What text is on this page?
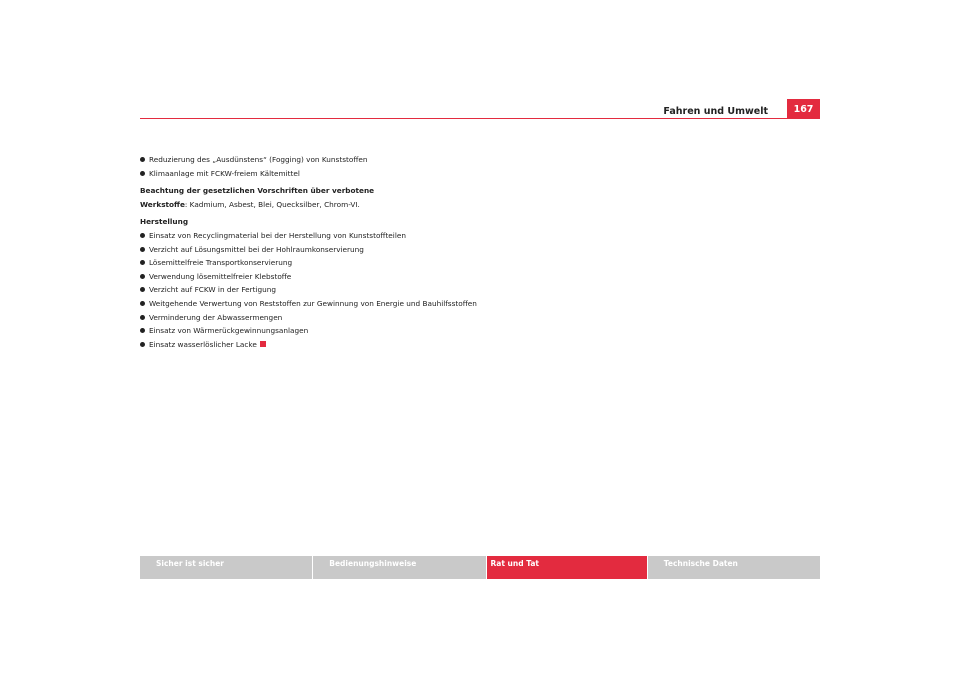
Fahren und Umwelt	167
Reduzierung des „Ausdünstens“ (Fogging) von Kunststoffen
Klimaanlage mit FCKW-freiem Kältemittel
Beachtung der gesetzlichen Vorschriften über verbotene
Werkstoffe: Kadmium, Asbest, Blei, Quecksilber, Chrom-VI.
Herstellung
Einsatz von Recyclingmaterial bei der Herstellung von Kunststoffteilen
Verzicht auf Lösungsmittel bei der Hohlraumkonservierung
Lösemittelfreie Transportkonservierung
Verwendung lösemittelfreier Klebstoffe
Verzicht auf FCKW in der Fertigung
Weitgehende Verwertung von Reststoffen zur Gewinnung von Energie und Bauhilfsstoffen
Verminderung der Abwassermengen
Einsatz von Wärmerückgewinnungsanlagen
Einsatz wasserlöslicher Lacke
Sicher ist sicher	Bedienungshinweise	Rat und Tat	Technische Daten
